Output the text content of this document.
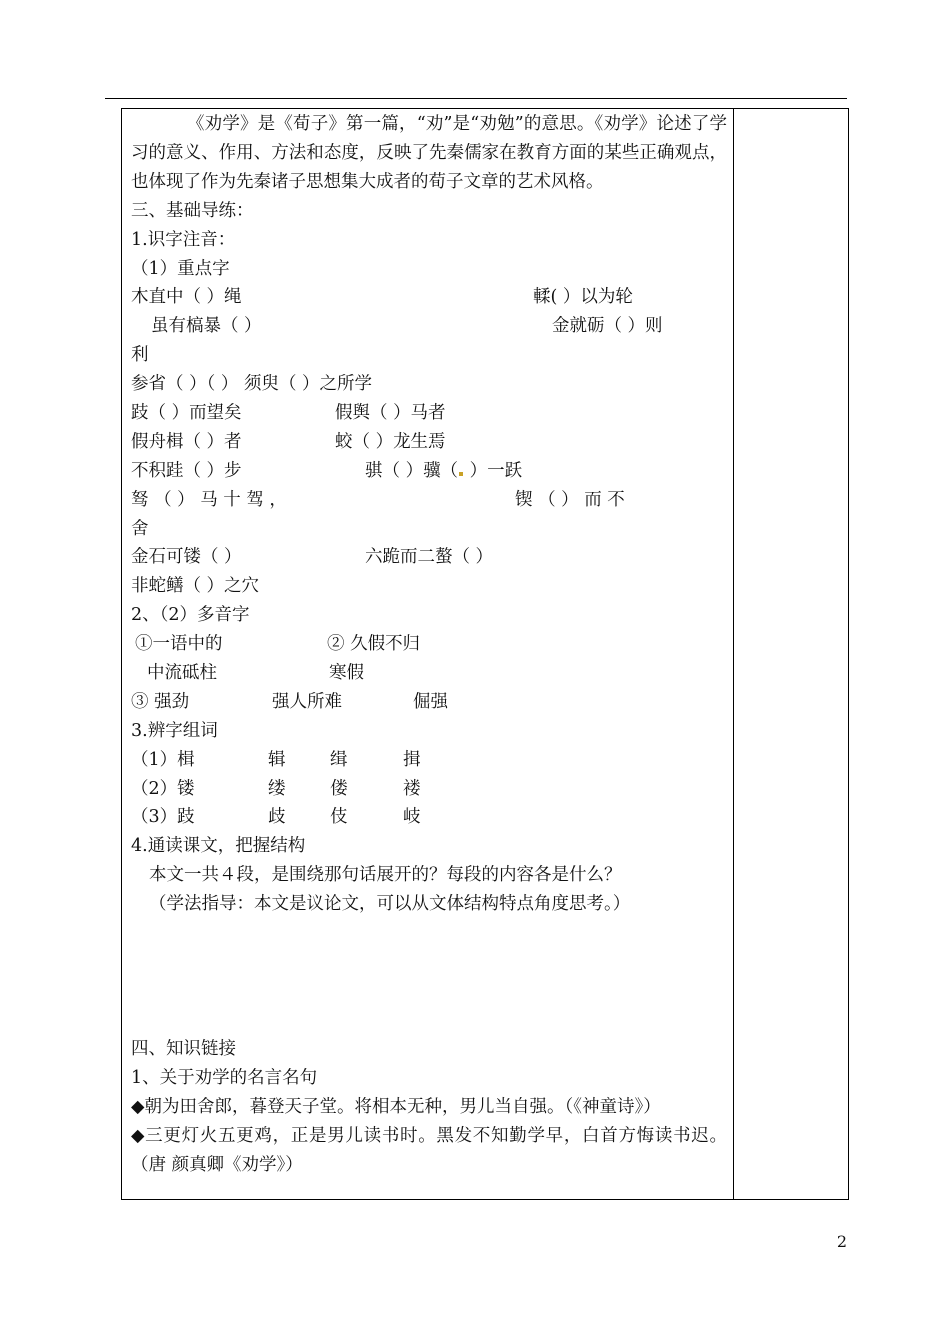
《劝学》是《荀子》第一篇，“劝”是“劝勉”的意思。《劝学》论述了学习的意义、作用、方法和态度，反映了先秦儒家在教育方面的某些正确观点，也体现了作为先秦诸子思想集大成者的荀子文章的艺术风格。
三、基础导练：
1.识字注音：
（1）重点字
木直中（ ）绳	輮( ）以为轮
虽有槁暴（ ）	金就砺（ ）则
利
参省（ ）（ ） 须臾（ ）之所学
跂（ ）而望矣	假舆（ ）马者
假舟楫（ ）者	蛟（ ）龙生焉
不积跬（ ）步	骐（ ）骥（ ）一跃
驽 （ ） 马 十 驾 ，	锲 （ ） 而 不
舍
金石可镂（ ）	六跪而二螯（ ）
非蛇鳝（ ）之穴
2、（2）多音字
①一语中的	② 久假不归
中流砥柱	寒假
③ 强劲	强人所难	倔强
3.辨字组词
（1）楫	辑	缉	揖
（2）镂	缕	偻	褛
（3）跂	歧	伎	岐
4.通读课文，把握结构
本文一共４段，是围绕那句话展开的？每段的内容各是什么？
（学法指导：本文是议论文，可以从文体结构特点角度思考。）
四、知识链接
1、关于劝学的名言名句
◆朝为田舍郎，暮登天子堂。将相本无种，男儿当自强。（《神童诗》）
◆三更灯火五更鸡，正是男儿读书时。黑发不知勤学早，白首方悔读书迟。（唐 颜真卿《劝学》）
2
